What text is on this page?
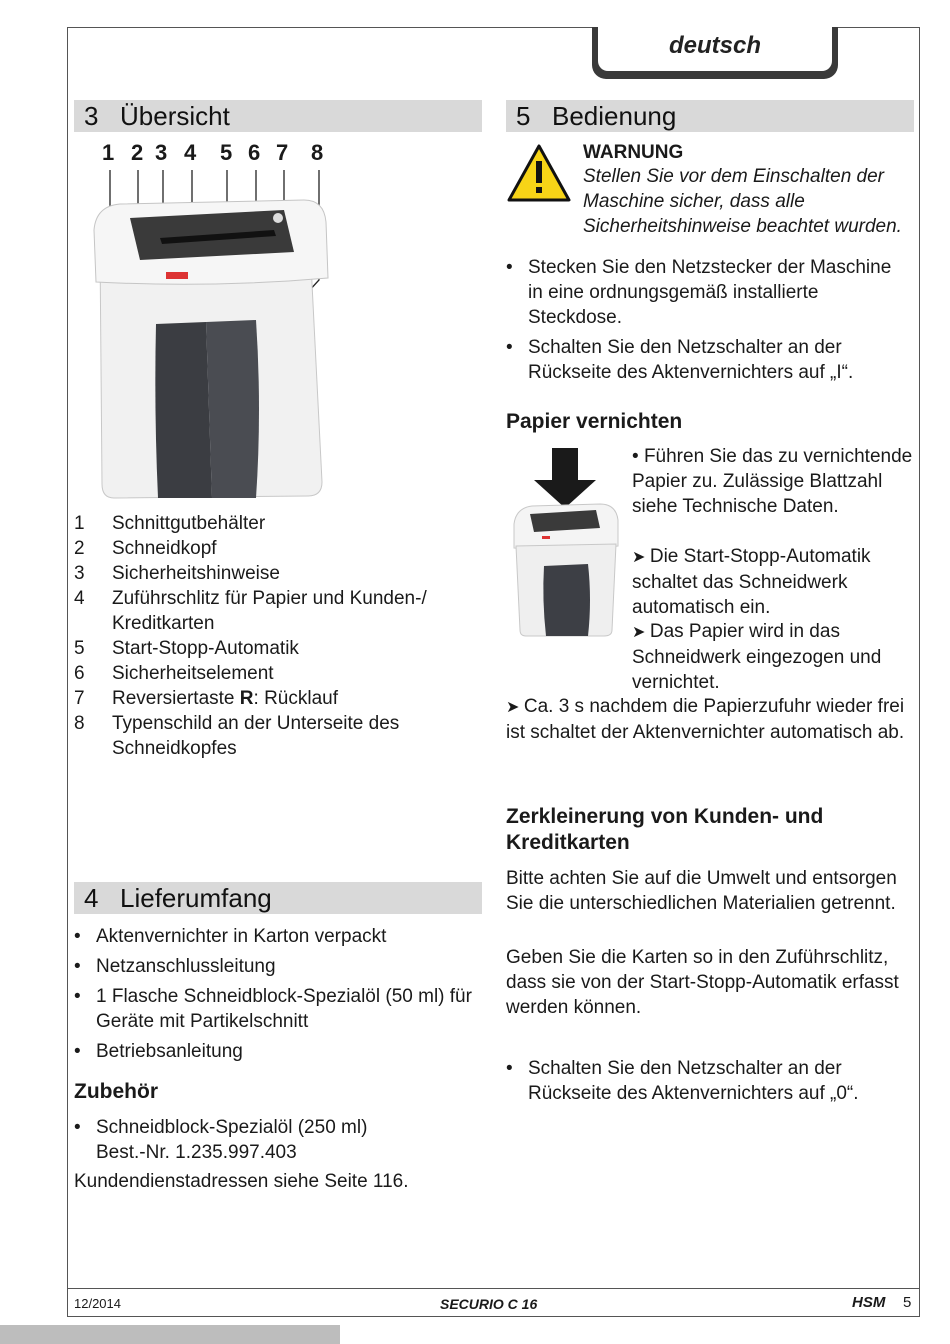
deutsch
3 Übersicht
1 2 3 4 5 6 7 8
1	Schnittgutbehälter
2	Schneidkopf
3	Sicherheitshinweise
4	Zuführschlitz für Papier und Kunden-/ Kreditkarten
5	Start-Stopp-Automatik
6	Sicherheitselement
7	Reversiertaste R: Rücklauf
8	Typenschild an der Unterseite des Schneidkopfes
4 Lieferumfang
• Aktenvernichter in Karton verpackt
• Netzanschlussleitung
• 1 Flasche Schneidblock-Spezialöl (50 ml) für Geräte mit Partikelschnitt
• Betriebsanleitung
Zubehör
• Schneidblock-Spezialöl (250 ml) Best.-Nr. 1.235.997.403
Kundendienstadressen siehe Seite 116.
5 Bedienung
WARNUNG
Stellen Sie vor dem Einschalten der Maschine sicher, dass alle Sicherheitshinweise beachtet wurden.
• Stecken Sie den Netzstecker der Maschine in eine ordnungsgemäß installierte Steckdose.
• Schalten Sie den Netzschalter an der Rückseite des Aktenvernichters auf „I“.
Papier vernichten
• Führen Sie das zu vernichtende Papier zu. Zulässige Blattzahl siehe Technische Daten.
➤ Die Start-Stopp-Automatik schaltet das Schneidwerk automatisch ein.
➤ Das Papier wird in das Schneidwerk eingezogen und vernichtet.
➤ Ca. 3 s nachdem die Papierzufuhr wieder frei ist schaltet der Aktenvernichter automatisch ab.
Zerkleinerung von Kunden- und Kreditkarten
Bitte achten Sie auf die Umwelt und entsorgen Sie die unterschiedlichen Materialien getrennt.
Geben Sie die Karten so in den Zuführschlitz, dass sie von der Start-Stopp-Automatik erfasst werden können.
• Schalten Sie den Netzschalter an der Rückseite des Aktenvernichters auf „0“.
12/2014	SECURIO C 16	HSM 5
